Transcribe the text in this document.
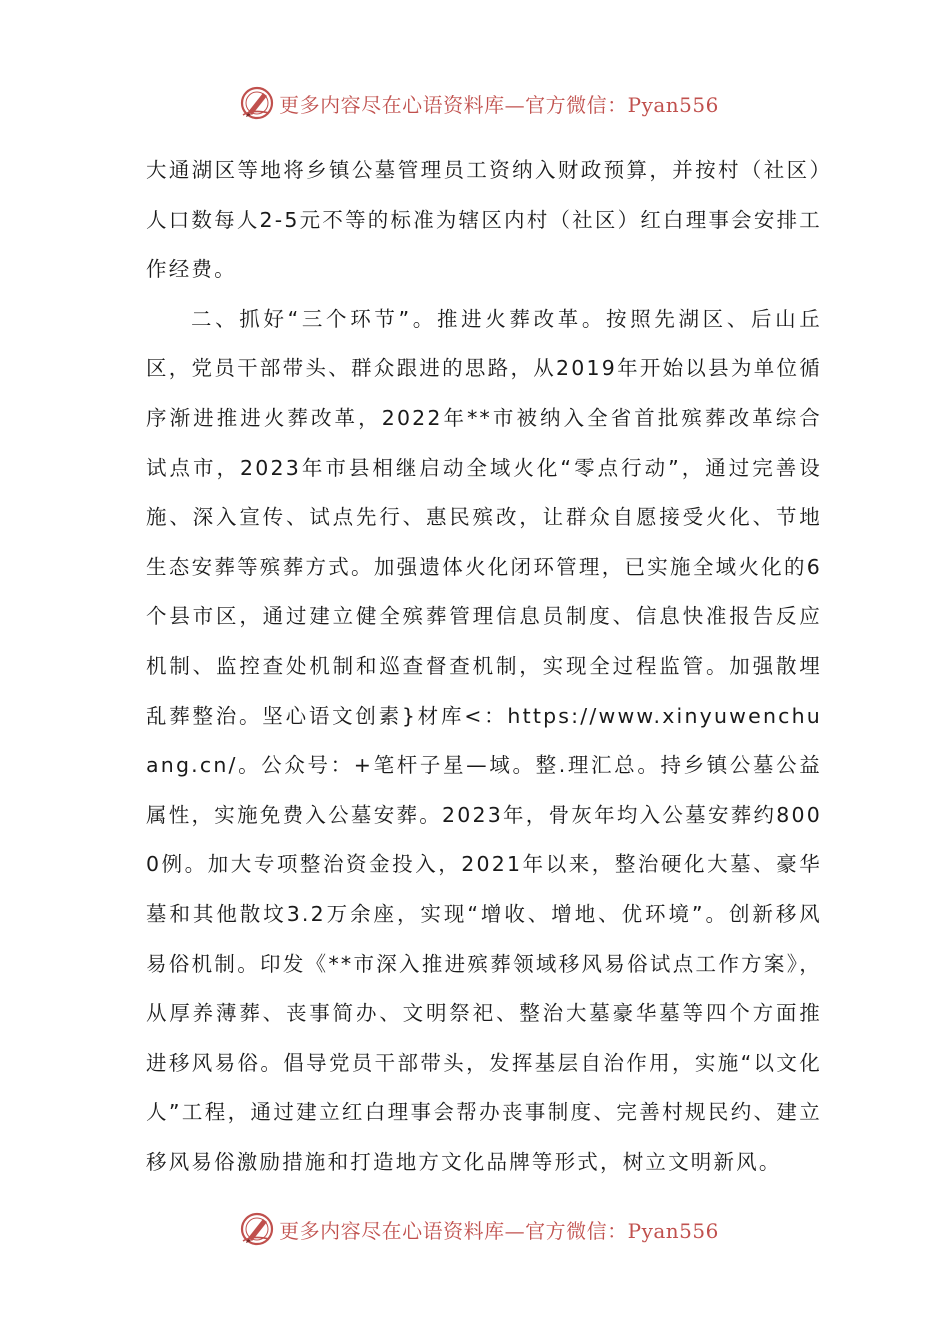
更多内容尽在心语资料库—官方微信：Pyan556

大通湖区等地将乡镇公墓管理员工资纳入财政预算，并按村（社区）人口数每人2-5元不等的标准为辖区内村（社区）红白理事会安排工作经费。

二、抓好“三个环节”。推进火葬改革。按照先湖区、后山丘区，党员干部带头、群众跟进的思路，从2019年开始以县为单位循序渐进推进火葬改革，2022年**市被纳入全省首批殡葬改革综合试点市，2023年市县相继启动全域火化“零点行动”，通过完善设施、深入宣传、试点先行、惠民殡改，让群众自愿接受火化、节地生态安葬等殡葬方式。加强遗体火化闭环管理，已实施全域火化的6个县市区，通过建立健全殡葬管理信息员制度、信息快准报告反应机制、监控查处机制和巡查督查机制，实现全过程监管。加强散埋乱葬整治。坚心语文创素}材库<：https://www.xinyuwenchuang.cn/。公众号：+笔杆子星—域。整.理汇总。持乡镇公墓公益属性，实施免费入公墓安葬。2023年，骨灰年均入公墓安葬约8000例。加大专项整治资金投入，2021年以来，整治硬化大墓、豪华墓和其他散坟3.2万余座，实现“增收、增地、优环境”。创新移风易俗机制。印发《**市深入推进殡葬领域移风易俗试点工作方案》，从厚养薄葬、丧事简办、文明祭祀、整治大墓豪华墓等四个方面推进移风易俗。倡导党员干部带头，发挥基层自治作用，实施“以文化人”工程，通过建立红白理事会帮办丧事制度、完善村规民约、建立移风易俗激励措施和打造地方文化品牌等形式，树立文明新风。

更多内容尽在心语资料库—官方微信：Pyan556
